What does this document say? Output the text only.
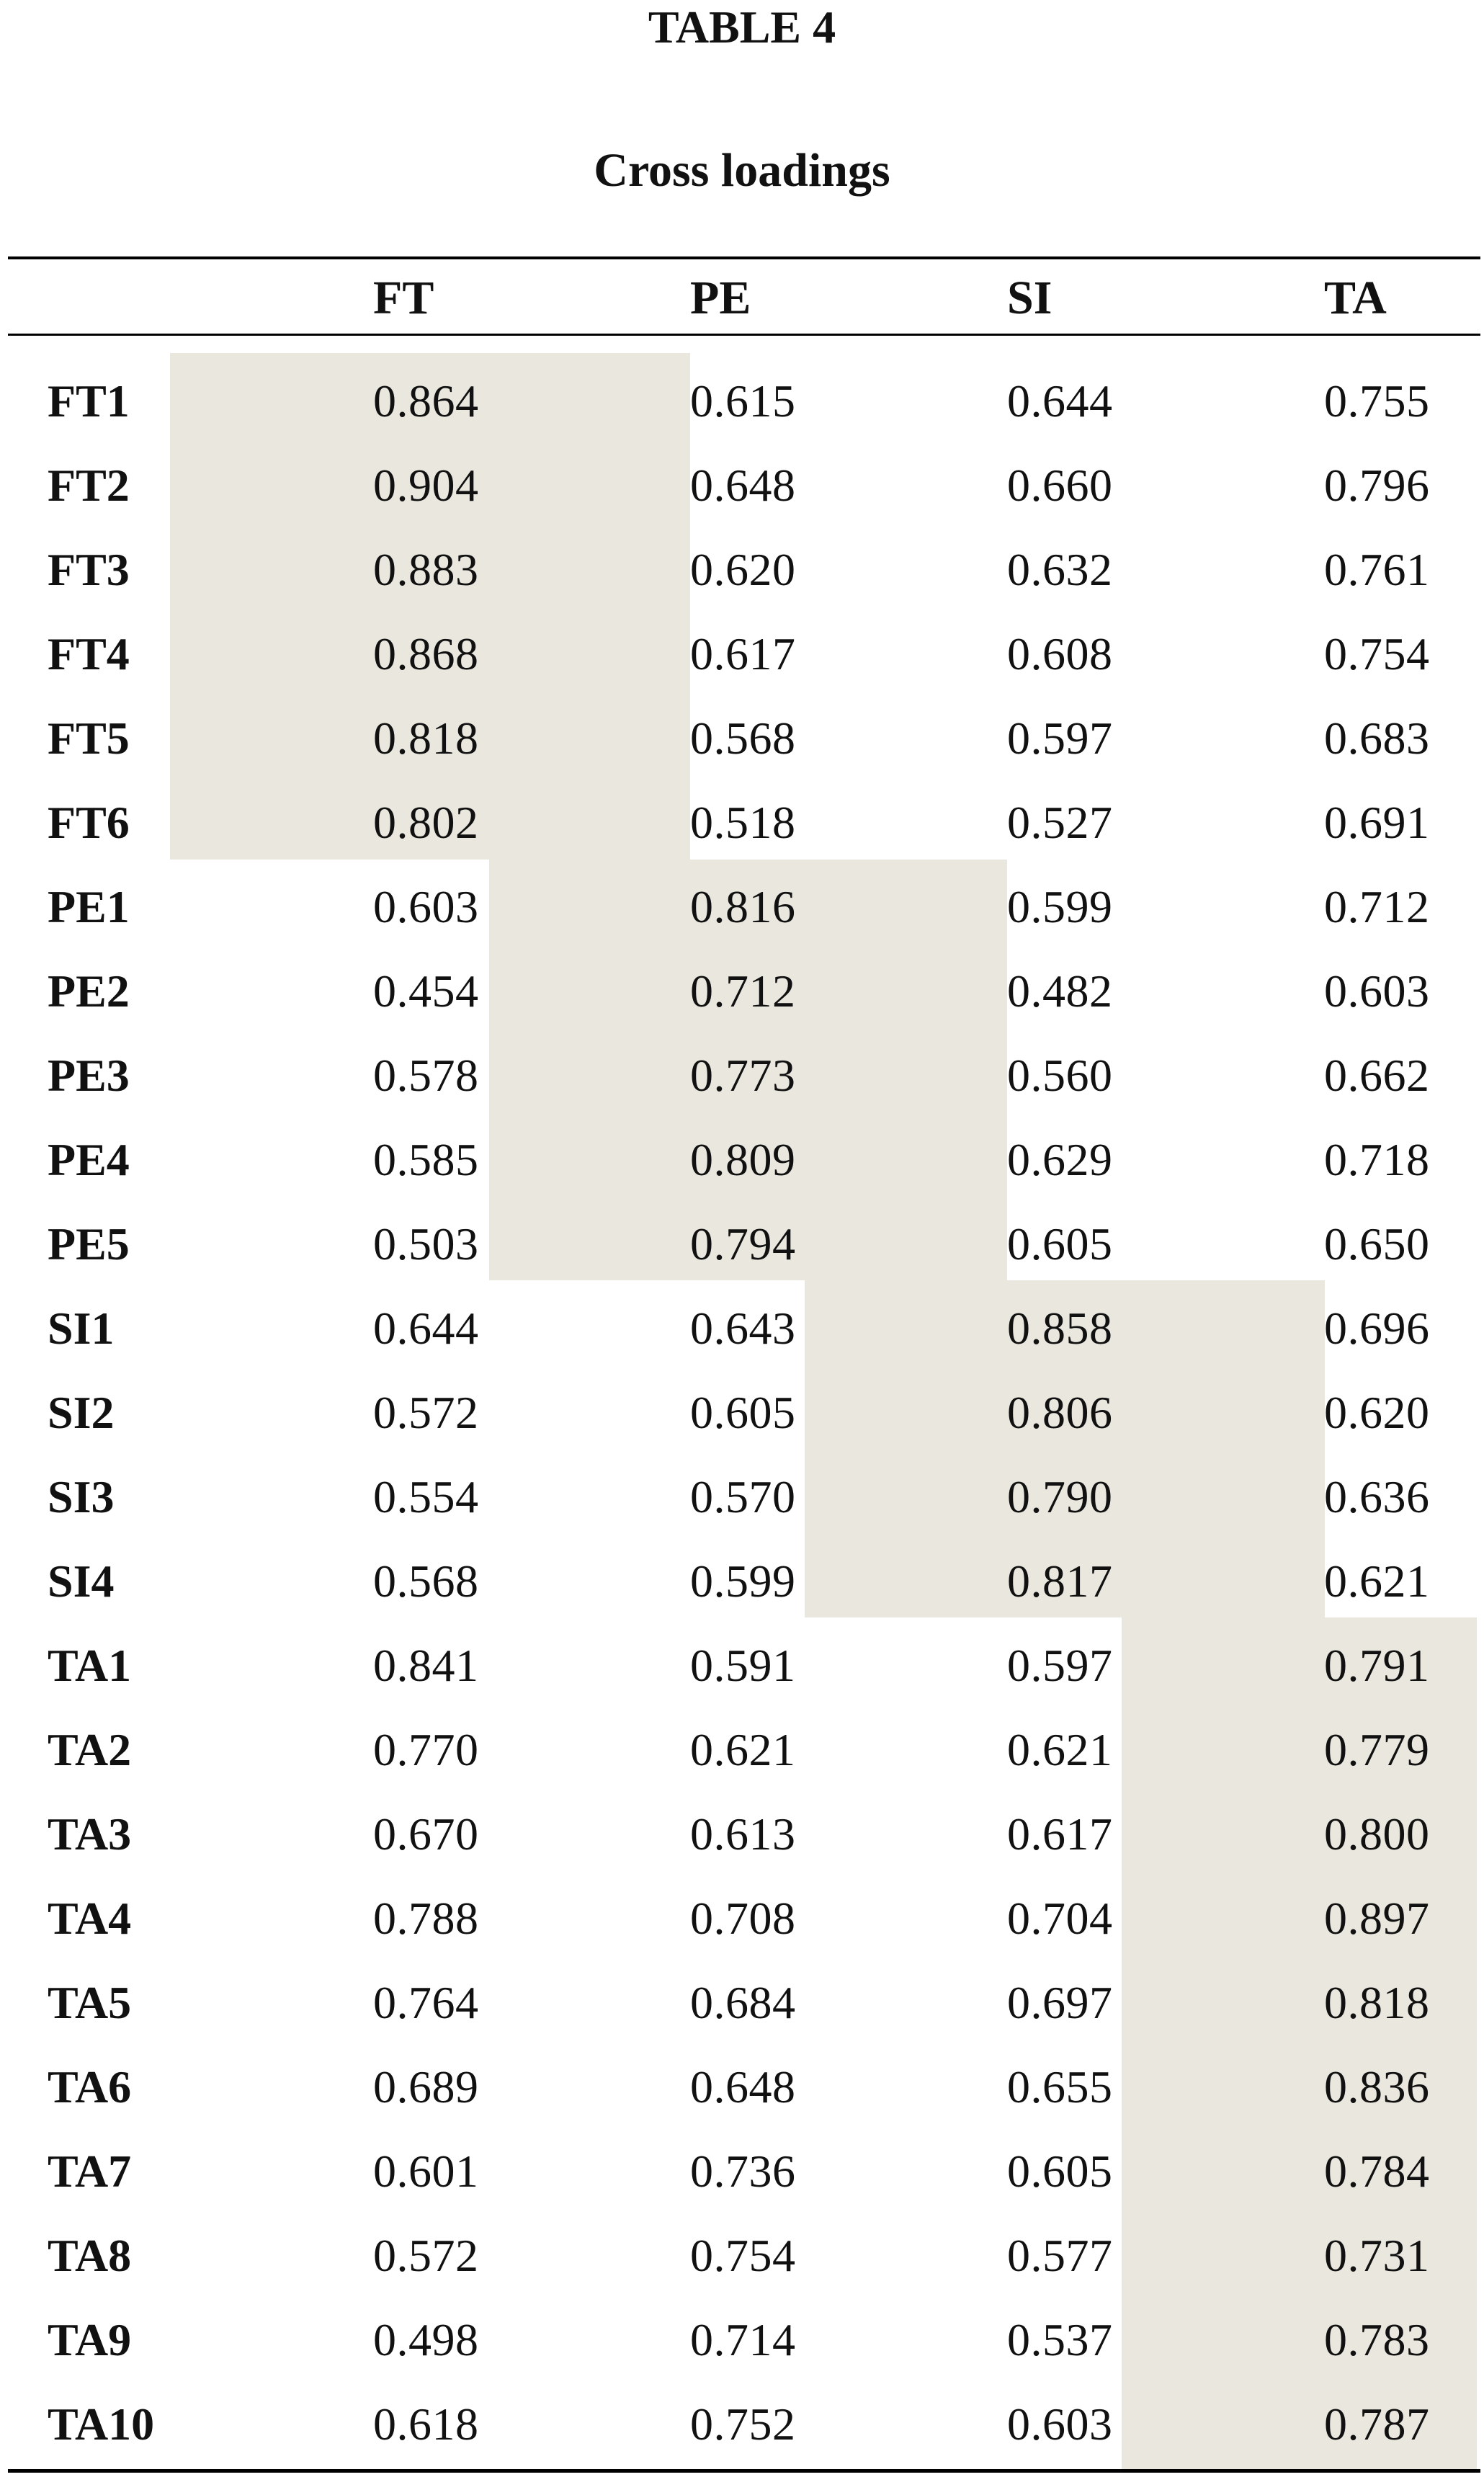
TABLE 4
Cross loadings
FT	PE	SI	TA
FT1	0.864	0.615	0.644	0.755
FT2	0.904	0.648	0.660	0.796
FT3	0.883	0.620	0.632	0.761
FT4	0.868	0.617	0.608	0.754
FT5	0.818	0.568	0.597	0.683
FT6	0.802	0.518	0.527	0.691
PE1	0.603	0.816	0.599	0.712
PE2	0.454	0.712	0.482	0.603
PE3	0.578	0.773	0.560	0.662
PE4	0.585	0.809	0.629	0.718
PE5	0.503	0.794	0.605	0.650
SI1	0.644	0.643	0.858	0.696
SI2	0.572	0.605	0.806	0.620
SI3	0.554	0.570	0.790	0.636
SI4	0.568	0.599	0.817	0.621
TA1	0.841	0.591	0.597	0.791
TA2	0.770	0.621	0.621	0.779
TA3	0.670	0.613	0.617	0.800
TA4	0.788	0.708	0.704	0.897
TA5	0.764	0.684	0.697	0.818
TA6	0.689	0.648	0.655	0.836
TA7	0.601	0.736	0.605	0.784
TA8	0.572	0.754	0.577	0.731
TA9	0.498	0.714	0.537	0.783
TA10	0.618	0.752	0.603	0.787
